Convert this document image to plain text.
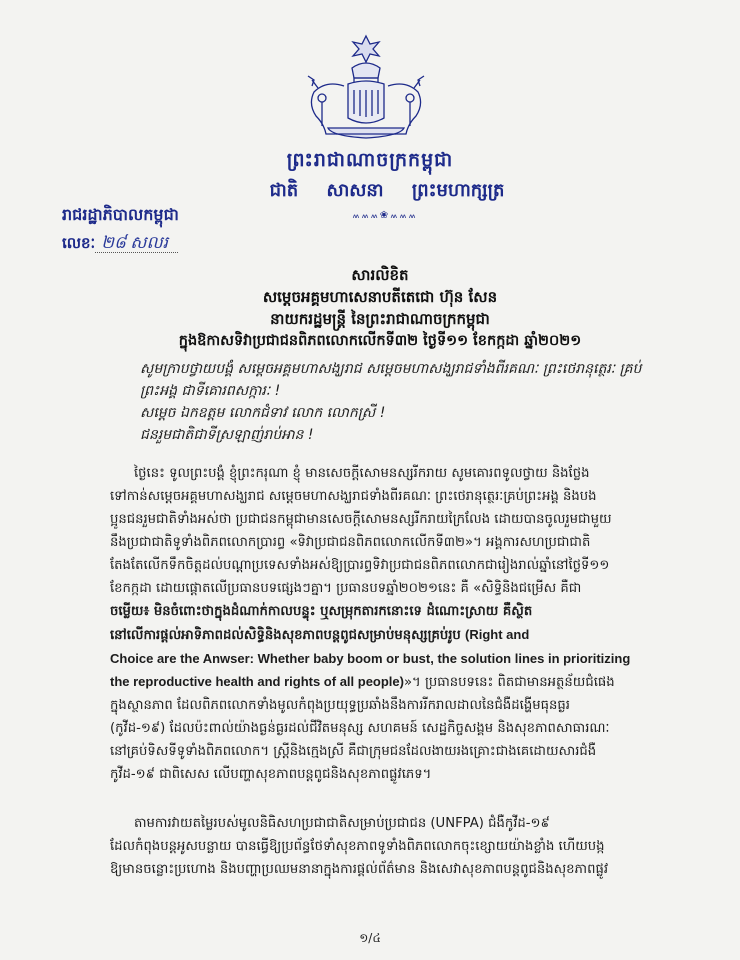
ព្រះរាជាណាចក្រកម្ពុជា
ជាតិ សាសនា ព្រះមហាក្សត្រ
៳៳៳❀៳៳៳
រាជរដ្ឋាភិបាលកម្ពុជា
លេខៈ ២៨ សលរ
សារលិខិត
សម្តេចអគ្គមហាសេនាបតីតេជោ ហ៊ុន សែន
នាយករដ្ឋមន្ត្រី នៃព្រះរាជាណាចក្រកម្ពុជា
ក្នុងឱកាសទិវាប្រជាជនពិភពលោកលើកទី៣២ ថ្ងៃទី១១ ខែកក្កដា ឆ្នាំ២០២១
សូមក្រាបថ្វាយបង្គំ សម្តេចអគ្គមហាសង្ឃរាជ សម្តេចមហាសង្ឃរាជទាំងពីរគណៈ ព្រះថេរានុត្ថេរៈ គ្រប់
ព្រះអង្គ ជាទីគោរពសក្ការៈ !
សម្តេច ឯកឧត្តម លោកជំទាវ លោក លោកស្រី !
ជនរួមជាតិជាទីស្រឡាញ់រាប់អាន !
ថ្ងៃនេះ ទូលព្រះបង្គំ ខ្ញុំព្រះករុណា ខ្ញុំ មានសេចក្តីសោមនស្សរីករាយ សូមគោរពទូលថ្វាយ និងថ្លែង
ទៅកាន់សម្តេចអគ្គមហាសង្ឃរាជ សម្តេចមហាសង្ឃរាជទាំងពីរគណៈ ព្រះថេរានុត្ថេរៈគ្រប់ព្រះអង្គ និងបង
ប្អូនជនរួមជាតិទាំងអស់ថា ប្រជាជនកម្ពុជាមានសេចក្តីសោមនស្សរីករាយក្រៃលែង ដោយបានចូលរួមជាមួយ
នឹងប្រជាជាតិទូទាំងពិភពលោកប្រារព្ធ «ទិវាប្រជាជនពិភពលោកលើកទី៣២»។ អង្គការសហប្រជាជាតិ
តែងតែលើកទឹកចិត្តដល់បណ្តាប្រទេសទាំងអស់ឱ្យប្រារព្ធទិវាប្រជាជនពិភពលោកជារៀងរាល់ឆ្នាំនៅថ្ងៃទី១១
ខែកក្កដា ដោយផ្តោតលើប្រធានបទផ្សេងៗគ្នា។ ប្រធានបទឆ្នាំ២០២១នេះ គឺ «សិទ្ធិនិងជម្រើស គឺជា
ចម្លើយ៖ មិនចំពោះថាក្នុងដំណាក់កាលបន្ទុះ ឬសម្រុកតារកនោះទេ ដំណោះស្រាយ គឺស្ថិត
នៅលើការផ្តល់អាទិភាពដល់សិទ្ធិនិងសុខភាពបន្តពូជសម្រាប់មនុស្សគ្រប់រូប (Right and
Choice are the Anwser: Whether baby boom or bust, the solution lines in prioritizing
the reproductive health and rights of all people)»។ ប្រធានបទនេះ ពិតជាមានអត្ថន័យជំផេង
ក្នុងស្ថានភាព ដែលពិភពលោកទាំងមូលកំពុងប្រយុទ្ធប្រឆាំងនឹងការរីករាលដាលនៃជំងឺដង្ហើមធុនធ្ងរ
(កូវីដ-១៩) ដែលប៉ះពាល់យ៉ាងធ្ងន់ធ្ងរដល់ជីវិតមនុស្ស សហគមន៍ សេដ្ឋកិច្ចសង្គម និងសុខភាពសាធារណៈ
នៅគ្រប់ទិសទីទូទាំងពិភពលោក។ ស្ត្រីនិងក្មេងស្រី គឺជាក្រុមជនដែលងាយរងគ្រោះជាងគេដោយសារជំងឺ
កូវីដ-១៩ ជាពិសេស លើបញ្ហាសុខភាពបន្តពូជនិងសុខភាពផ្លូវភេទ។
តាមការវាយតម្លៃរបស់មូលនិធិសហប្រជាជាតិសម្រាប់ប្រជាជន (UNFPA) ជំងឺកូវីដ-១៩
ដែលកំពុងបន្តអូសបន្លាយ បានធ្វើឱ្យប្រព័ន្ធថែទាំសុខភាពទូទាំងពិភពលោកចុះខ្សោយយ៉ាងខ្លាំង ហើយបង្ក
ឱ្យមានចន្លោះប្រហោង និងបញ្ហាប្រឈមនានាក្នុងការផ្តល់ព័ត៌មាន និងសេវាសុខភាពបន្តពូជនិងសុខភាពផ្លូវ
១/៤
